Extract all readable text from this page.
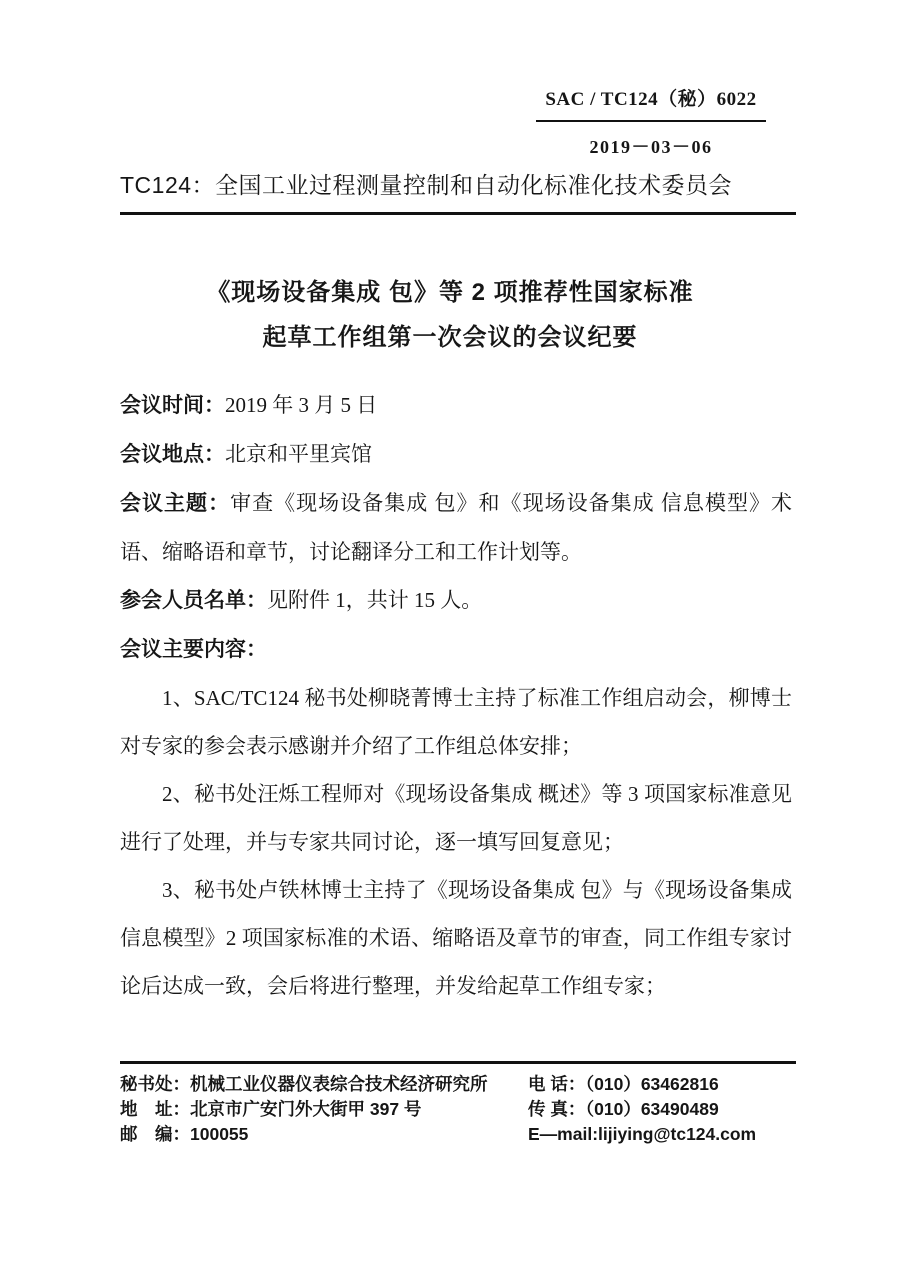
SAC / TC124（秘）6022
2019－03－06
TC124：全国工业过程测量控制和自动化标准化技术委员会
《现场设备集成 包》等 2 项推荐性国家标准
起草工作组第一次会议的会议纪要

会议时间：2019 年 3 月 5 日

会议地点：北京和平里宾馆

会议主题：审查《现场设备集成 包》和《现场设备集成 信息模型》术语、缩略语和章节，讨论翻译分工和工作计划等。

参会人员名单：见附件 1，共计 15 人。

会议主要内容：

1、SAC/TC124 秘书处柳晓菁博士主持了标准工作组启动会，柳博士对专家的参会表示感谢并介绍了工作组总体安排；

2、秘书处汪烁工程师对《现场设备集成 概述》等 3 项国家标准意见进行了处理，并与专家共同讨论，逐一填写回复意见；

3、秘书处卢铁林博士主持了《现场设备集成 包》与《现场设备集成 信息模型》2 项国家标准的术语、缩略语及章节的审查，同工作组专家讨论后达成一致，会后将进行整理，并发给起草工作组专家；

秘书处：机械工业仪器仪表综合技术经济研究所
地　址：北京市广安门外大街甲 397 号
邮　编：100055
电 话：（010）63462816
传 真：（010）63490489
E—mail:lijiying@tc124.com
